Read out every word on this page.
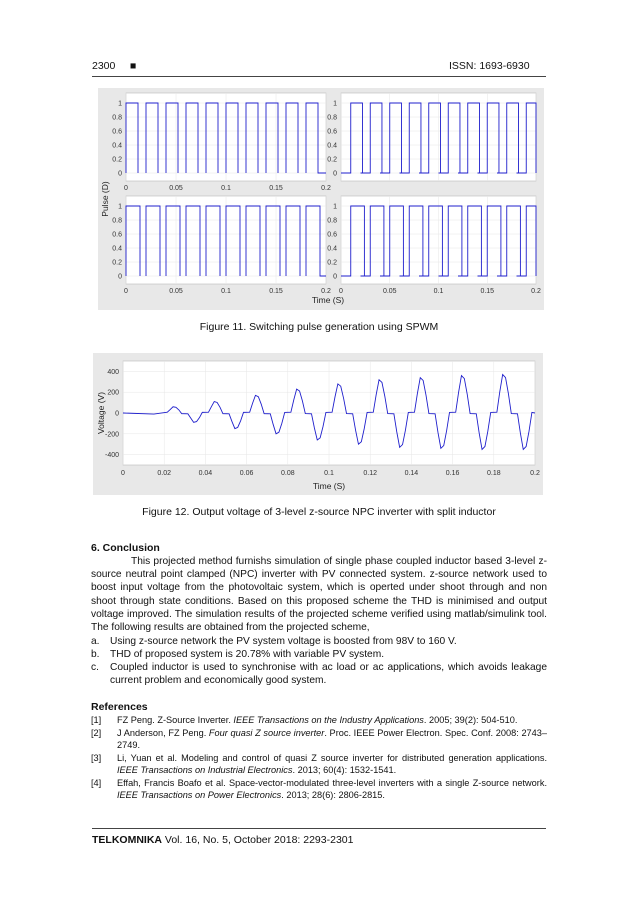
2300 ■	ISSN: 1693-6930
1
0.8
0.6
0.4
0.2
0
1
0.8
0.6
0.4
0.2
0
1
0.8
0.6
0.4
0.2
0
1
0.8
0.6
0.4
0.2
0
0	0.05	0.1	0.15	0.2
0	0.05	0.1	0.15	0.2 0	0.05	0.1	0.15	0.2
Pulse (D)
Time (S)
Figure 11. Switching pulse generation using SPWM
400
200
0
-200
-400
0	0.02	0.04	0.06	0.08	0.1	0.12	0.14	0.16	0.18	0.2
Voltage (V)
Time (S)
Figure 12. Output voltage of 3-level z-source NPC inverter with split inductor
6. Conclusion
This projected method furnishs simulation of single phase coupled inductor based 3-level z-source neutral point clamped (NPC) inverter with PV connected system. z-source network used to boost input voltage from the photovoltaic system, which is operted under shoot through and non shoot through state conditions. Based on this proposed scheme the THD is minimised and output voltage improved. The simulation results of the projected scheme verified using matlab/simulink tool. The following results are obtained from the projected scheme,
a. Using z-source network the PV system voltage is boosted from 98V to 160 V.
b. THD of proposed system is 20.78% with variable PV system.
c. Coupled inductor is used to synchronise with ac load or ac applications, which avoids leakage current problem and economically good system.
References
[1] FZ Peng. Z-Source Inverter. IEEE Transactions on the Industry Applications. 2005; 39(2): 504-510.
[2] J Anderson, FZ Peng. Four quasi Z source inverter. Proc. IEEE Power Electron. Spec. Conf. 2008: 2743–2749.
[3] Li, Yuan et al. Modeling and control of quasi Z source inverter for distributed generation applications. IEEE Transactions on Industrial Electronics. 2013; 60(4): 1532-1541.
[4] Effah, Francis Boafo et al. Space-vector-modulated three-level inverters with a single Z-source network. IEEE Transactions on Power Electronics. 2013; 28(6): 2806-2815.
TELKOMNIKA Vol. 16, No. 5, October 2018: 2293-2301
